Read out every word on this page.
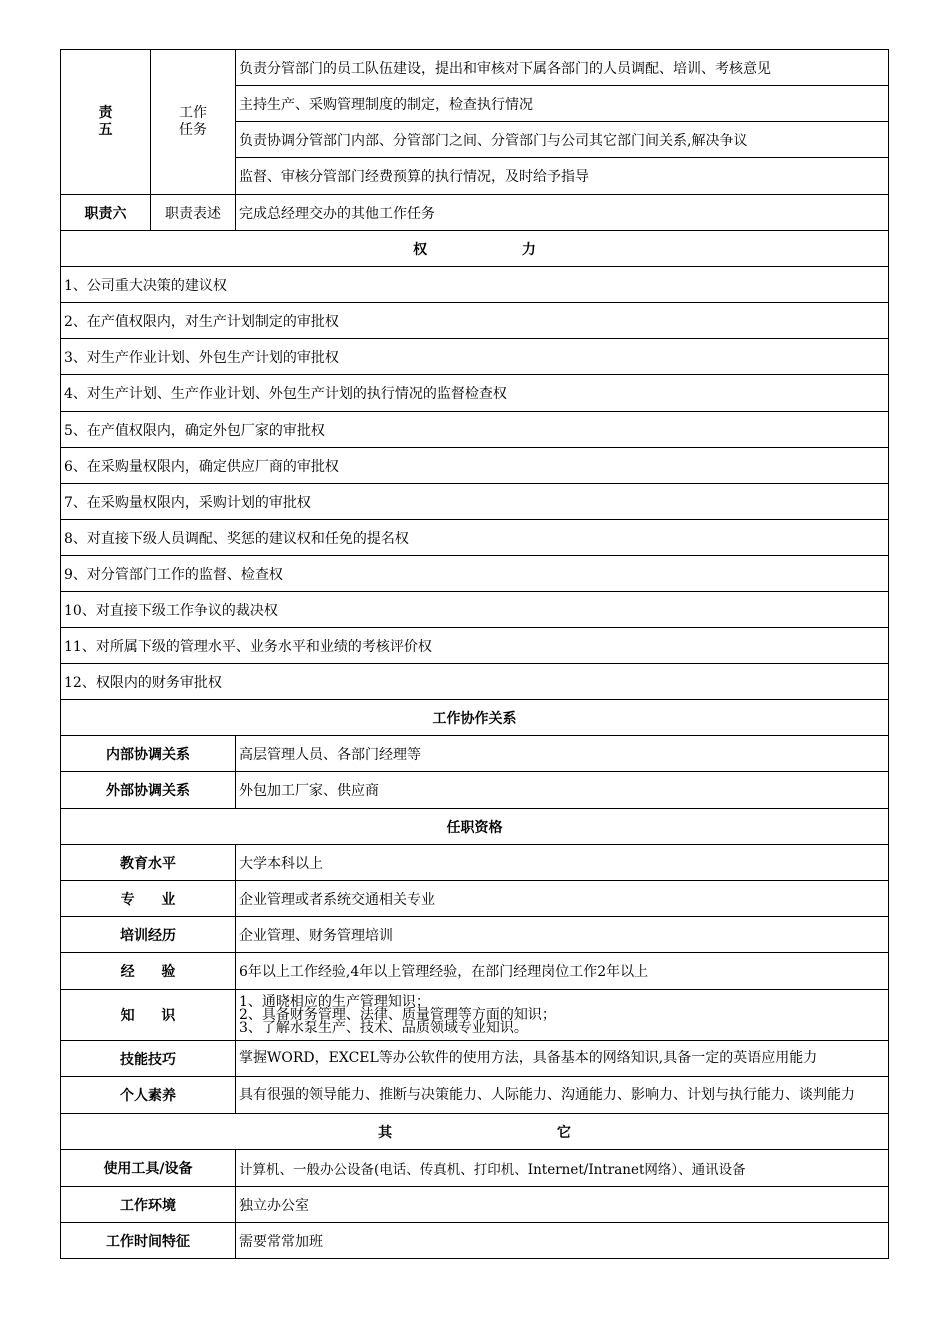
责
五	工作
任务	负责分管部门的员工队伍建设，提出和审核对下属各部门的人员调配、培训、考核意见
		主持生产、采购管理制度的制定，检查执行情况
		负责协调分管部门内部、分管部门之间、分管部门与公司其它部门间关系,解决争议
		监督、审核分管部门经费预算的执行情况，及时给予指导
职责六	职责表述	完成总经理交办的其他工作任务
权 力		
1、公司重大决策的建议权		
2、在产值权限内，对生产计划制定的审批权		
3、对生产作业计划、外包生产计划的审批权		
4、对生产计划、生产作业计划、外包生产计划的执行情况的监督检查权		
5、在产值权限内，确定外包厂家的审批权		
6、在采购量权限内，确定供应厂商的审批权		
7、在采购量权限内，采购计划的审批权		
8、对直接下级人员调配、奖惩的建议权和任免的提名权		
9、对分管部门工作的监督、检查权		
10、对直接下级工作争议的裁决权		
11、对所属下级的管理水平、业务水平和业绩的考核评价权		
12、权限内的财务审批权		
工作协作关系		
内部协调关系		高层管理人员、各部门经理等
外部协调关系		外包加工厂家、供应商
任职资格		
教育水平		大学本科以上
专 业		企业管理或者系统交通相关专业
培训经历		企业管理、财务管理培训
经 验		6年以上工作经验,4年以上管理经验，在部门经理岗位工作2年以上
知 识		1、通晓相应的生产管理知识；
2、具备财务管理、法律、质量管理等方面的知识；
3、了解水泵生产、技术、品质领域专业知识。

技能技巧		掌握WORD，EXCEL等办公软件的使用方法，具备基本的网络知识,具备一定的英语应用能力
个人素养		具有很强的领导能力、推断与决策能力、人际能力、沟通能力、影响力、计划与执行能力、谈判能力
其 它		
使用工具/设备		计算机、一般办公设备(电话、传真机、打印机、Internet/Intranet网络）、通讯设备
工作环境		独立办公室
工作时间特征		需要常常加班
